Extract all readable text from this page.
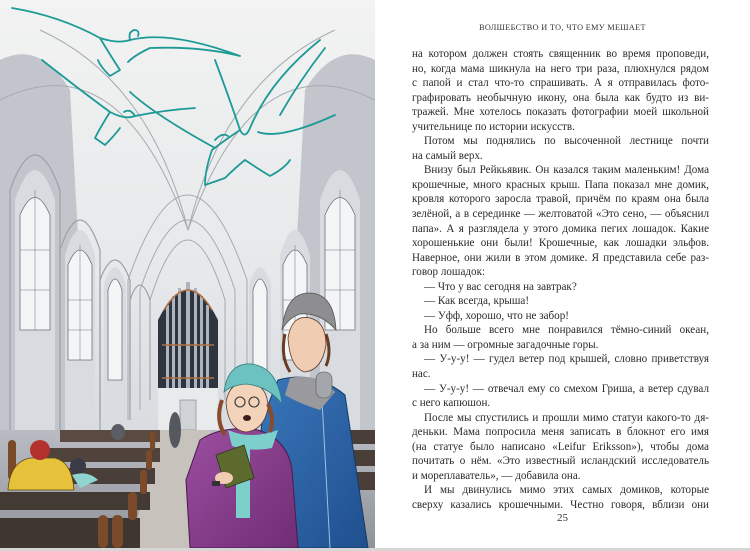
ВОЛШЕБСТВО И ТО, ЧТО ЕМУ МЕШАЕТ
на котором должен стоять священник во время проповеди,
но, когда мама шикнула на него три раза, плюхнулся рядом
с папой и стал что-то спрашивать. А я отправилась фото-
графировать необычную икону, она была как будто из ви-
тражей. Мне хотелось показать фотографии моей школьной
учительнице по истории искусств.
Потом мы поднялись по высоченной лестнице почти
на самый верх.
Внизу был Рейкьявик. Он казался таким маленьким! Дома
крошечные, много красных крыш. Папа показал мне домик,
кровля которого заросла травой, причём по краям она была
зелёной, а в серединке — желтоватой «Это сено, — объяснил
папа». А я разглядела у этого домика пегих лошадок. Какие
хорошенькие они были! Крошечные, как лошадки эльфов.
Наверное, они жили в этом домике. Я представила себе раз-
говор лошадок:
— Что у вас сегодня на завтрак?
— Как всегда, крыша!
— Уфф, хорошо, что не забор!
Но больше всего мне понравился тёмно-синий океан,
а за ним — огромные загадочные горы.
— У-у-у! — гудел ветер под крышей, словно приветствуя
нас.
— У-у-у! — отвечал ему со смехом Гриша, а ветер сдувал
с него капюшон.
После мы спустились и прошли мимо статуи какого-то дя-
деньки. Мама попросила меня записать в блокнот его имя
(на статуе было написано «Leifur Eriksson»), чтобы дома
почитать о нём. «Это известный исландский исследователь
и мореплаватель», — добавила она.
И мы двинулись мимо этих самых домиков, которые
сверху казались крошечными. Честно говоря, вблизи они
25
